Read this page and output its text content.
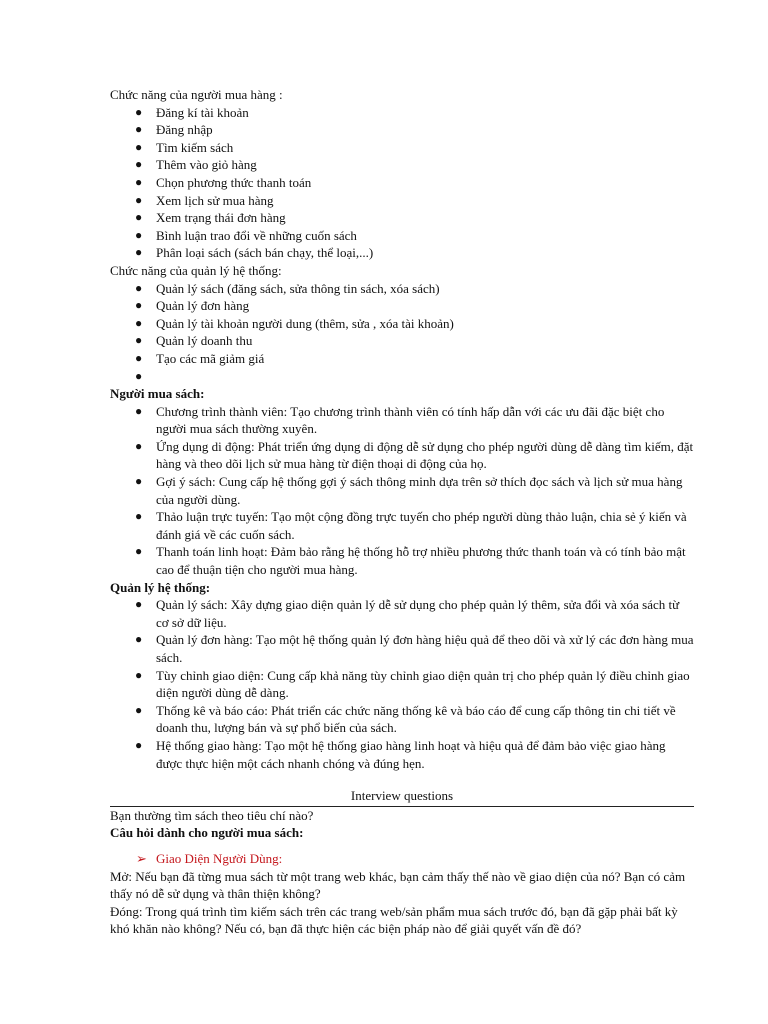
Chức năng của người mua hàng :

● Đăng kí tài khoản
● Đăng nhập
● Tìm kiếm sách
● Thêm vào giỏ hàng
● Chọn phương thức thanh toán
● Xem lịch sử mua hàng
● Xem trạng thái đơn hàng
● Bình luận trao đổi về những cuốn sách
● Phân loại sách (sách bán chạy, thể loại,...)

Chức năng của quản lý hệ thống:

● Quản lý sách (đăng sách, sửa thông tin sách, xóa sách)
● Quản lý đơn hàng
● Quản lý tài khoản người dung (thêm, sửa , xóa tài khoản)
● Quản lý doanh thu
● Tạo các mã giảm giá
●

Người mua sách:

● Chương trình thành viên: Tạo chương trình thành viên có tính hấp dẫn với các ưu đãi đặc biệt cho người mua sách thường xuyên.
● Ứng dụng di động: Phát triển ứng dụng di động dễ sử dụng cho phép người dùng dễ dàng tìm kiếm, đặt hàng và theo dõi lịch sử mua hàng từ điện thoại di động của họ.
● Gợi ý sách: Cung cấp hệ thống gợi ý sách thông minh dựa trên sở thích đọc sách và lịch sử mua hàng của người dùng.
● Thảo luận trực tuyến: Tạo một cộng đồng trực tuyến cho phép người dùng thảo luận, chia sẻ ý kiến và đánh giá về các cuốn sách.
● Thanh toán linh hoạt: Đảm bảo rằng hệ thống hỗ trợ nhiều phương thức thanh toán và có tính bảo mật cao để thuận tiện cho người mua hàng.

Quản lý hệ thống:

● Quản lý sách: Xây dựng giao diện quản lý dễ sử dụng cho phép quản lý thêm, sửa đổi và xóa sách từ cơ sở dữ liệu.
● Quản lý đơn hàng: Tạo một hệ thống quản lý đơn hàng hiệu quả để theo dõi và xử lý các đơn hàng mua sách.
● Tùy chỉnh giao diện: Cung cấp khả năng tùy chỉnh giao diện quản trị cho phép quản lý điều chỉnh giao diện người dùng dễ dàng.
● Thống kê và báo cáo: Phát triển các chức năng thống kê và báo cáo để cung cấp thông tin chi tiết về doanh thu, lượng bán và sự phổ biến của sách.
● Hệ thống giao hàng: Tạo một hệ thống giao hàng linh hoạt và hiệu quả để đảm bảo việc giao hàng được thực hiện một cách nhanh chóng và đúng hẹn.

Interview questions

Bạn thường tìm sách theo tiêu chí nào?

Câu hỏi dành cho người mua sách:

➢ Giao Diện Người Dùng:

Mở: Nếu bạn đã từng mua sách từ một trang web khác, bạn cảm thấy thế nào về giao diện của nó? Bạn có cảm thấy nó dễ sử dụng và thân thiện không?

Đóng: Trong quá trình tìm kiếm sách trên các trang web/sản phẩm mua sách trước đó, bạn đã gặp phải bất kỳ khó khăn nào không? Nếu có, bạn đã thực hiện các biện pháp nào để giải quyết vấn đề đó?
